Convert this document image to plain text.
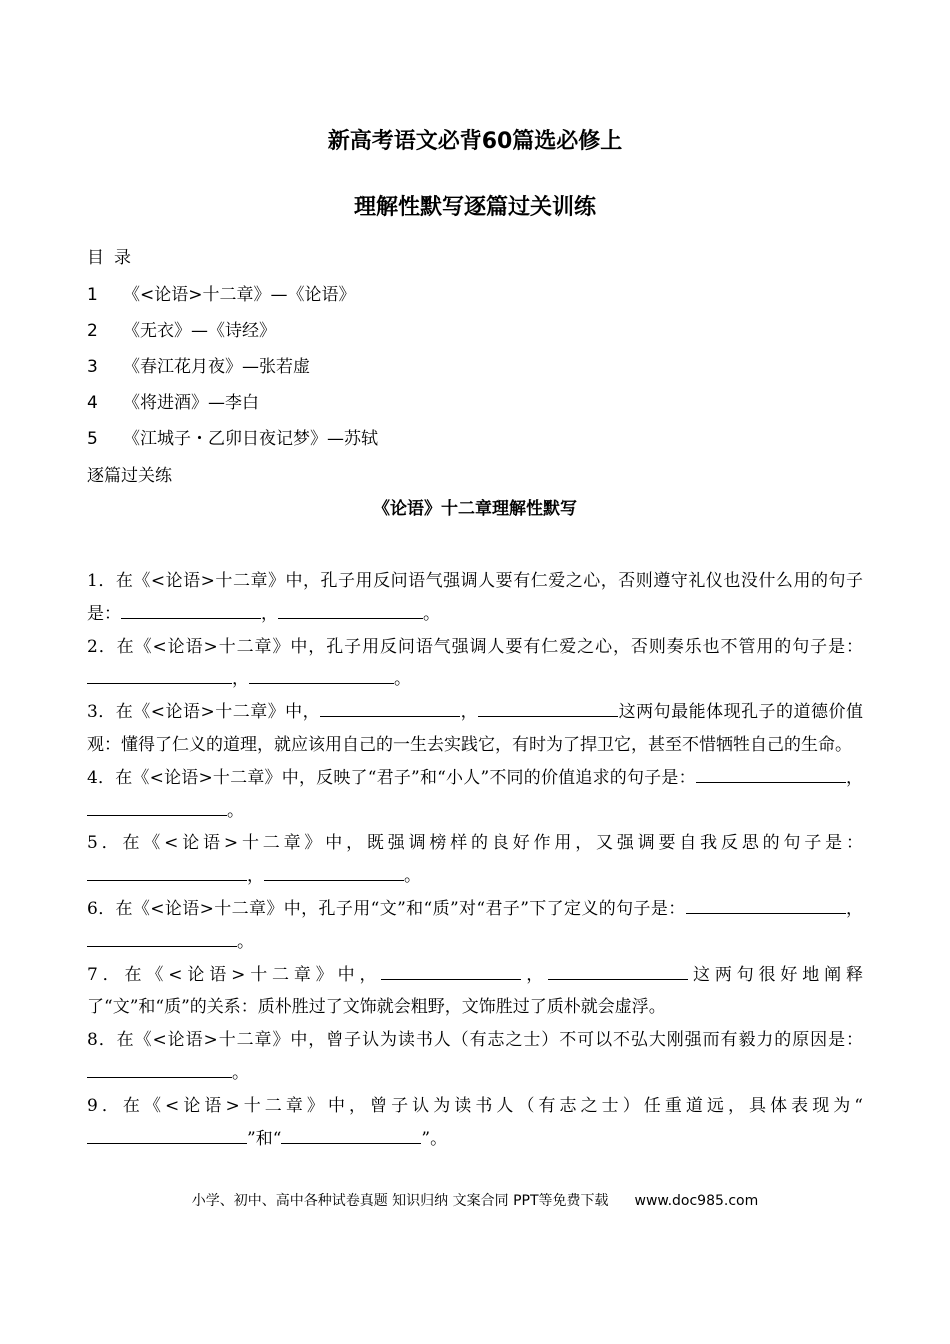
新高考语文必背60篇选必修上
理解性默写逐篇过关训练
目录
1 《<论语>十二章》—《论语》
2 《无衣》—《诗经》
3 《春江花月夜》—张若虚
4 《将进酒》—李白
5 《江城子・乙卯日夜记梦》—苏轼
逐篇过关练
《论语》十二章理解性默写

1．在《<论语>十二章》中，孔子用反问语气强调人要有仁爱之心，否则遵守礼仪也没什么用的句子是：	，	。

2．在《<论语>十二章》中，孔子用反问语气强调人要有仁爱之心，否则奏乐也不管用的句子是：，	。

3．在《<论语>十二章》中，	，	这两句最能体现孔子的道德价值观：懂得了仁义的道理，就应该用自己的一生去实践它，有时为了捍卫它，甚至不惜牺牲自己的生命。

4．在《<论语>十二章》中，反映了“君子”和“小人”不同的价值追求的句子是：	，。

5．在《<论语>十二章》中，既强调榜样的良好作用，又强调要自我反思的句子是：，	。

6．在《<论语>十二章》中，孔子用“文”和“质”对“君子”下了定义的句子是：	，。

7．在《<论语>十二章》中，	，	这两句很好地阐释了“文”和“质”的关系：质朴胜过了文饰就会粗野，文饰胜过了质朴就会虚浮。

8．在《<论语>十二章》中，曾子认为读书人（有志之士）不可以不弘大刚强而有毅力的原因是：。

9．在《<论语>十二章》中，曾子认为读书人（有志之士）任重道远，具体表现为“”和“	”。

小学、初中、高中各种试卷真题 知识归纳 文案合同 PPT等免费下载 www.doc985.com
